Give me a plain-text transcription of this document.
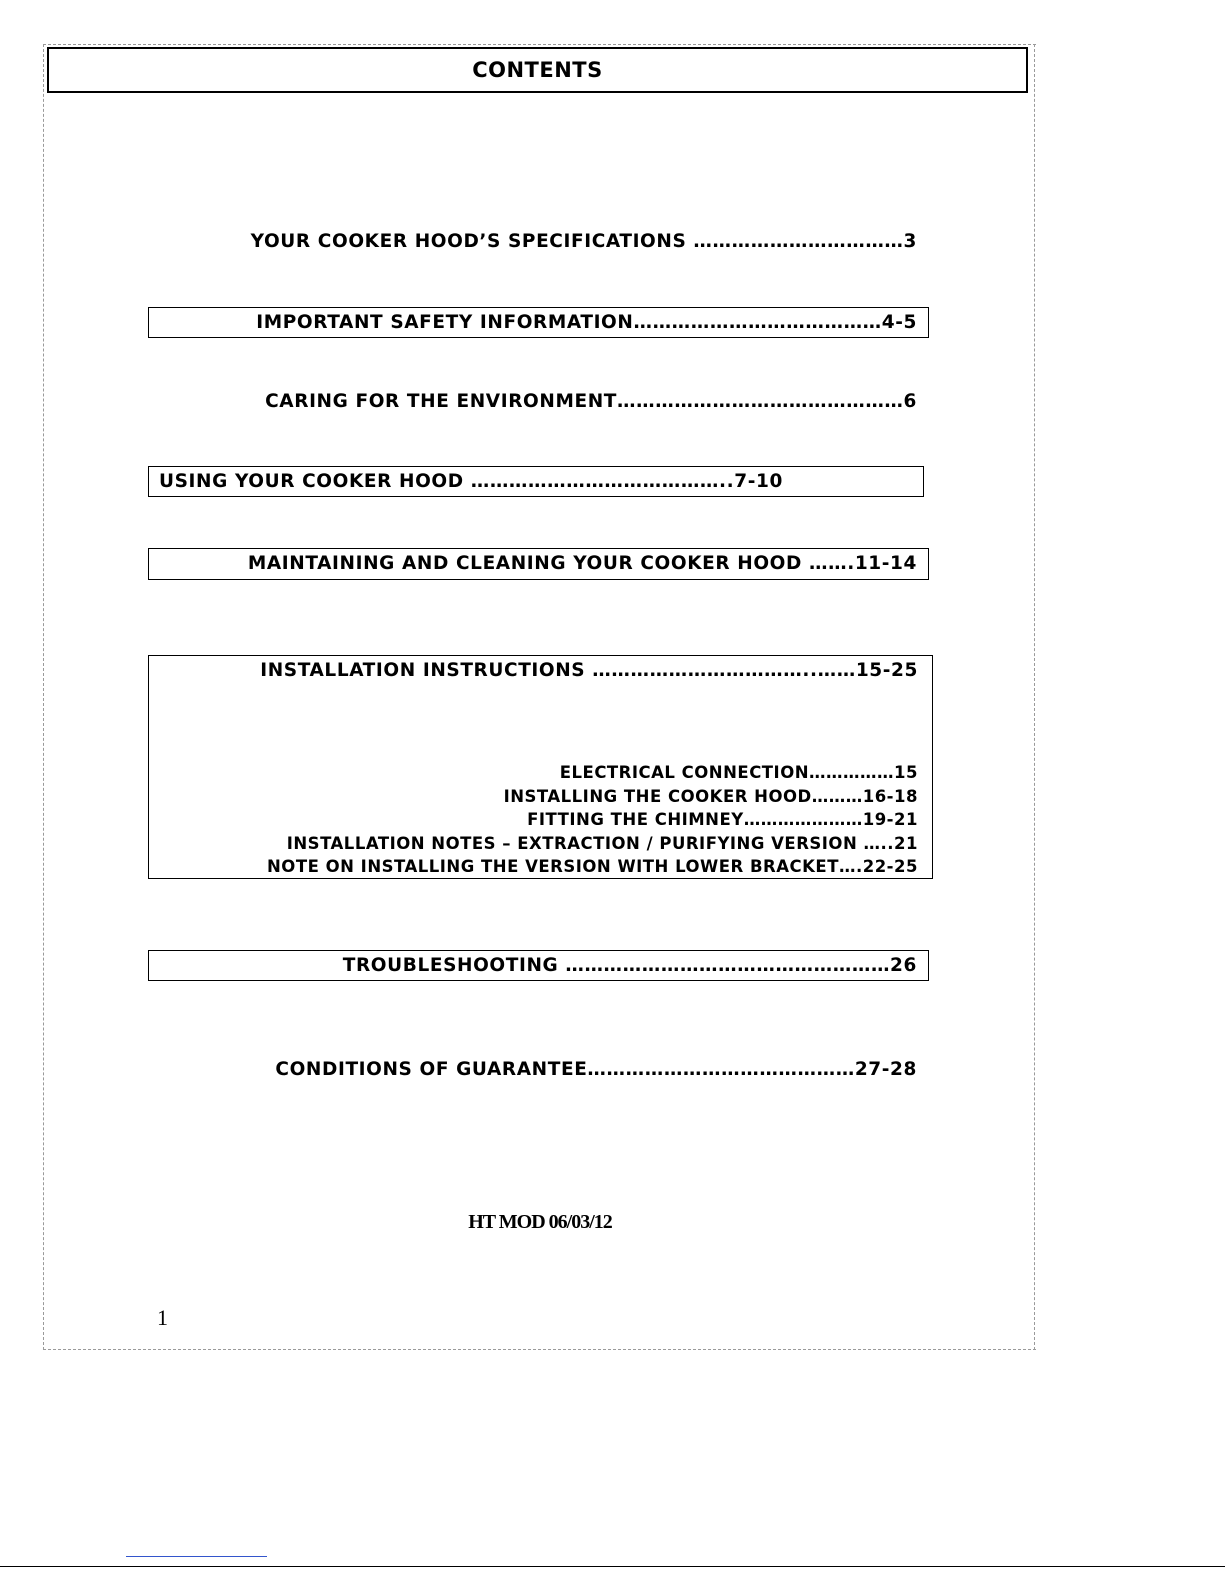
CONTENTS
YOUR COOKER HOOD’S SPECIFICATIONS ……………………………3
IMPORTANT SAFETY INFORMATION…………………………………4-5
CARING FOR THE ENVIRONMENT………………………………………6
USING YOUR COOKER HOOD …………………………………..7-10
MAINTAINING AND CLEANING YOUR COOKER HOOD …….11-14
INSTALLATION INSTRUCTIONS ……………………………..……15-25
ELECTRICAL CONNECTION……………15
INSTALLING THE COOKER HOOD………16-18
FITTING THE CHIMNEY…………………19-21
INSTALLATION NOTES – EXTRACTION / PURIFYING VERSION …..21
NOTE ON INSTALLING THE VERSION WITH LOWER BRACKET….22-25
TROUBLESHOOTING ……………………………………………26
CONDITIONS OF GUARANTEE……………………………………27-28
HT MOD 06/03/12
1
